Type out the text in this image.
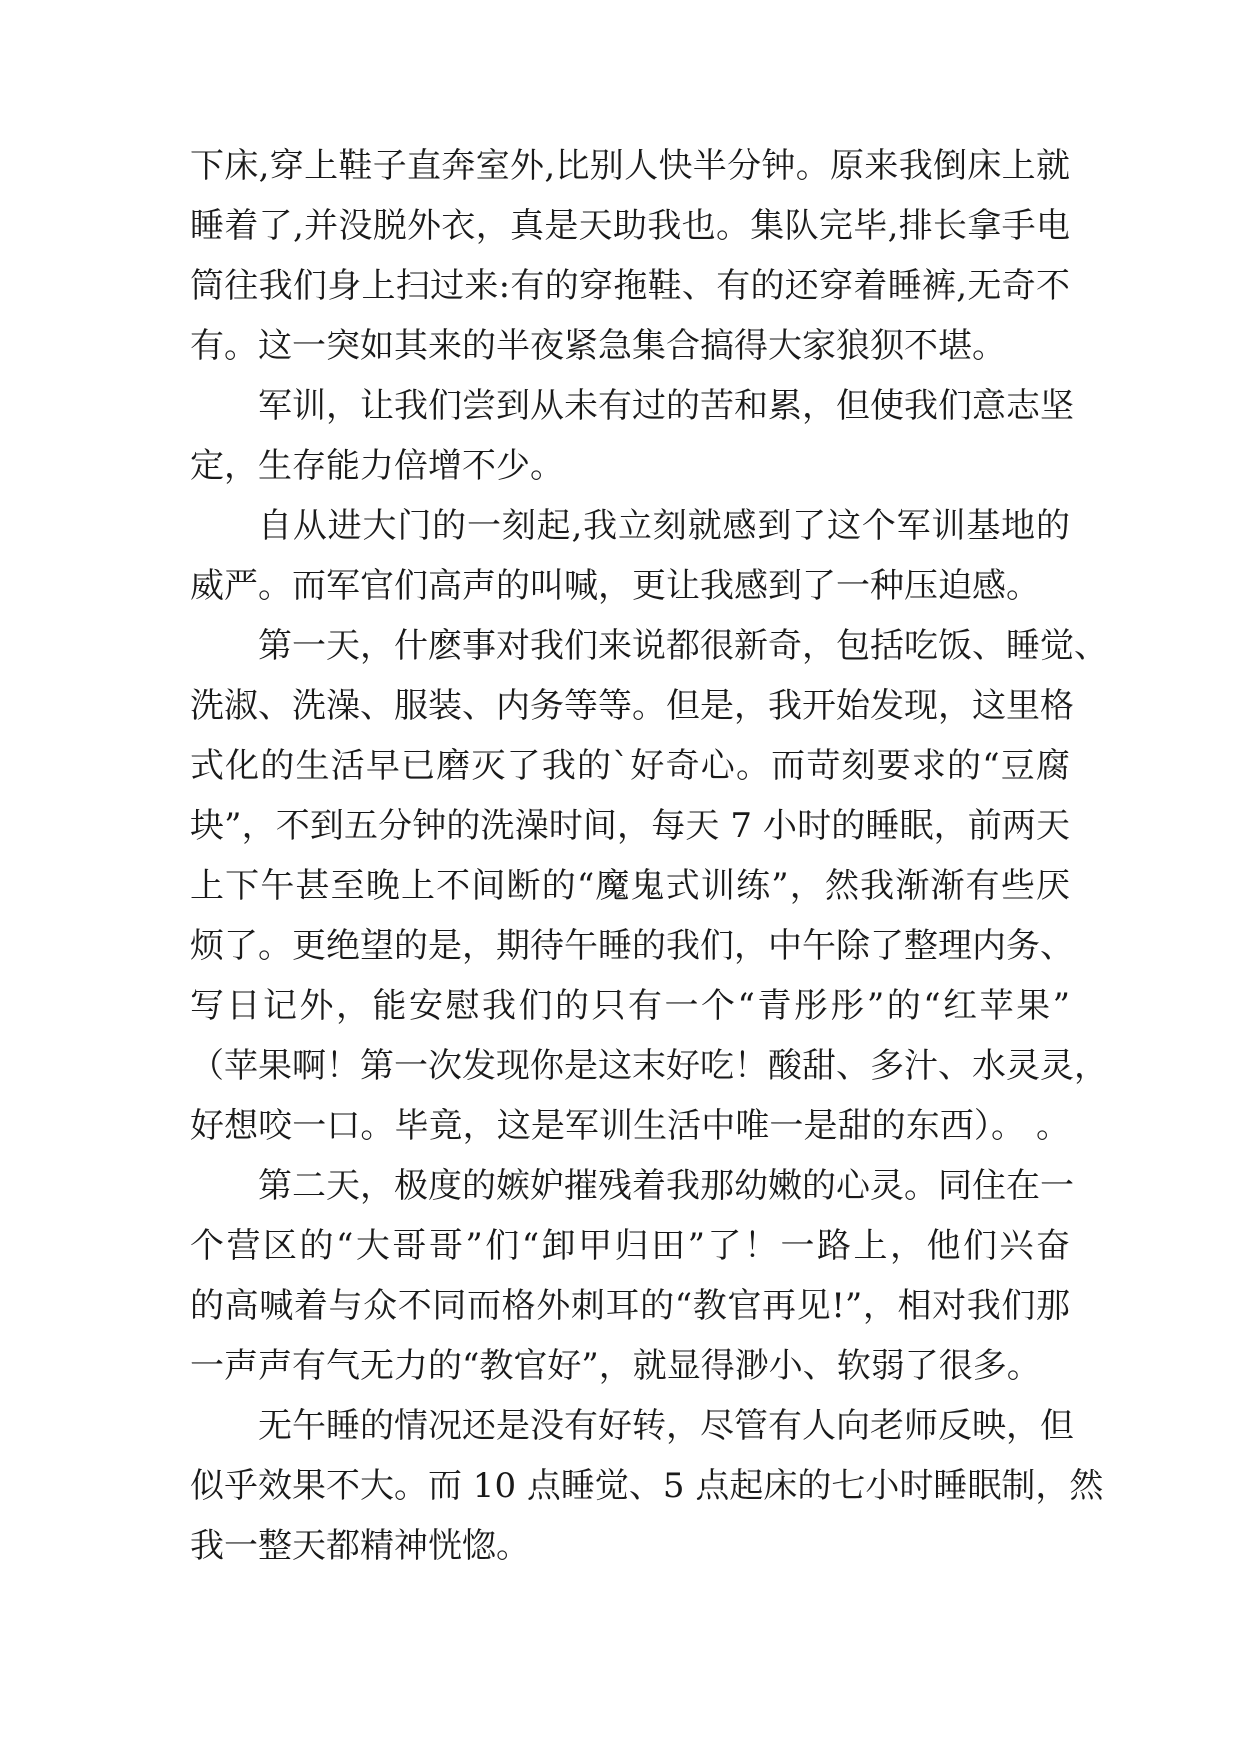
下床,穿上鞋子直奔室外,比别人快半分钟。原来我倒床上就
睡着了,并没脱外衣，真是天助我也。集队完毕,排长拿手电
筒往我们身上扫过来:有的穿拖鞋、有的还穿着睡裤,无奇不
有。这一突如其来的半夜紧急集合搞得大家狼狈不堪。
军训，让我们尝到从未有过的苦和累，但使我们意志坚
定，生存能力倍增不少。
自从进大门的一刻起,我立刻就感到了这个军训基地的
威严。而军官们高声的叫喊，更让我感到了一种压迫感。
第一天，什麽事对我们来说都很新奇，包括吃饭、睡觉、
洗淑、洗澡、服装、内务等等。但是，我开始发现，这里格
式化的生活早已磨灭了我的`好奇心。而苛刻要求的“豆腐
块”，不到五分钟的洗澡时间，每天 7 小时的睡眠，前两天
上下午甚至晚上不间断的“魔鬼式训练”，然我渐渐有些厌
烦了。更绝望的是，期待午睡的我们，中午除了整理内务、
写日记外，能安慰我们的只有一个“青彤彤”的“红苹果”
（苹果啊！第一次发现你是这末好吃！酸甜、多汁、水灵灵，
好想咬一口。毕竟，这是军训生活中唯一是甜的东西）。 。
第二天，极度的嫉妒摧残着我那幼嫩的心灵。同住在一
个营区的“大哥哥”们“卸甲归田”了！一路上，他们兴奋
的高喊着与众不同而格外刺耳的“教官再见!”，相对我们那
一声声有气无力的“教官好”，就显得渺小、软弱了很多。
无午睡的情况还是没有好转，尽管有人向老师反映，但
似乎效果不大。而 10 点睡觉、5 点起床的七小时睡眠制，然
我一整天都精神恍惚。
